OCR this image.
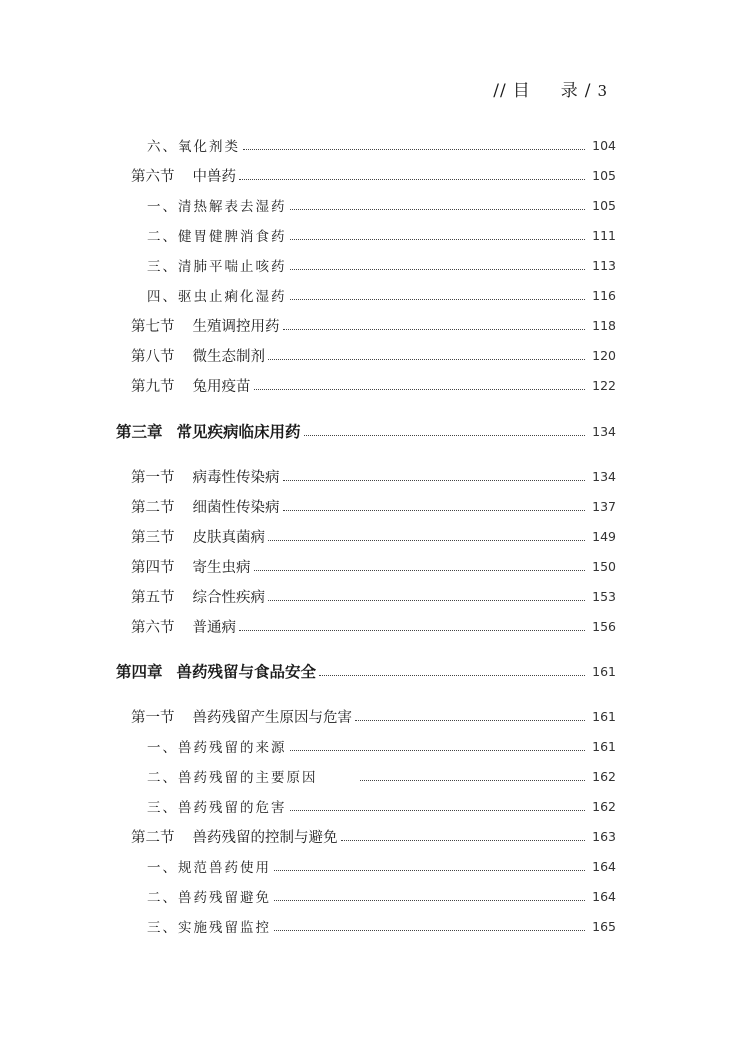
// 目 录 / 3
六、氧化剂类	104
第六节 中兽药	105
一、清热解表去湿药	105
二、健胃健脾消食药	111
三、清肺平喘止咳药	113
四、驱虫止痢化湿药	116
第七节 生殖调控用药	118
第八节 微生态制剂	120
第九节 兔用疫苗	122
第三章 常见疾病临床用药	134
第一节 病毒性传染病	134
第二节 细菌性传染病	137
第三节 皮肤真菌病	149
第四节 寄生虫病	150
第五节 综合性疾病	153
第六节 普通病	156
第四章 兽药残留与食品安全	161
第一节 兽药残留产生原因与危害	161
一、兽药残留的来源	161
二、兽药残留的主要原因	162
三、兽药残留的危害	162
第二节 兽药残留的控制与避免	163
一、规范兽药使用	164
二、兽药残留避免	164
三、实施残留监控	165
